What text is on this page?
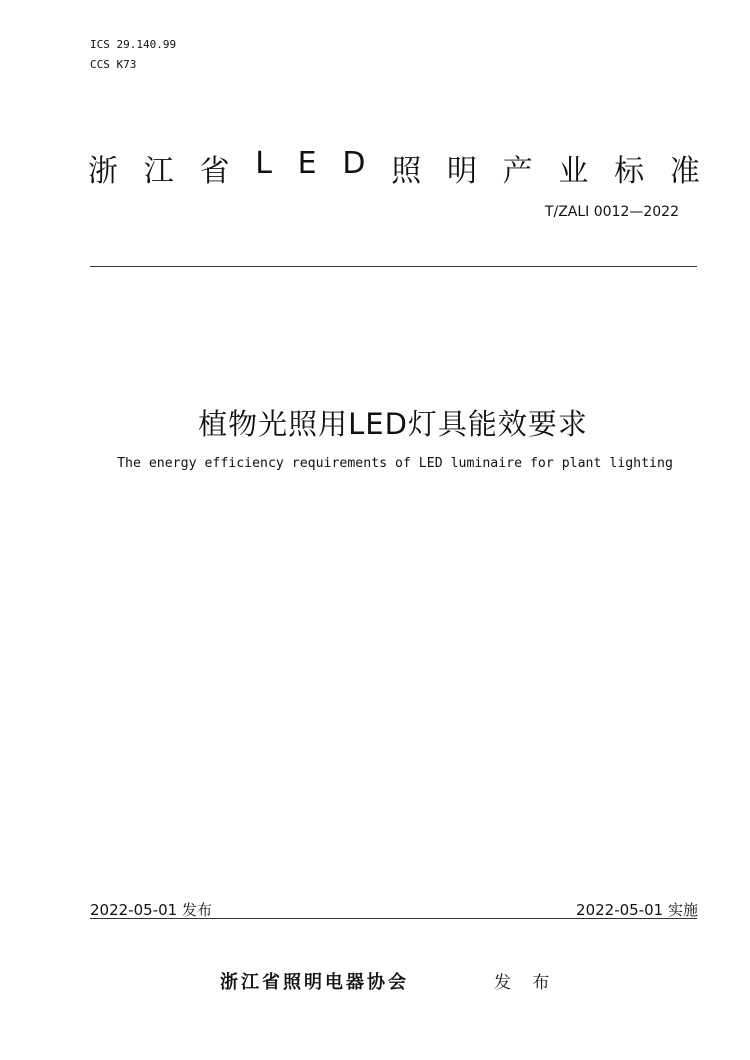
ICS 29.140.99
CCS K73
浙 江 省 L E D 照 明 产 业 标 准
T/ZALI 0012—2022
植物光照用LED灯具能效要求
The energy efficiency requirements of LED luminaire for plant lighting
2022-05-01 发布	2022-05-01 实施
浙江省照明电器协会	发 布
